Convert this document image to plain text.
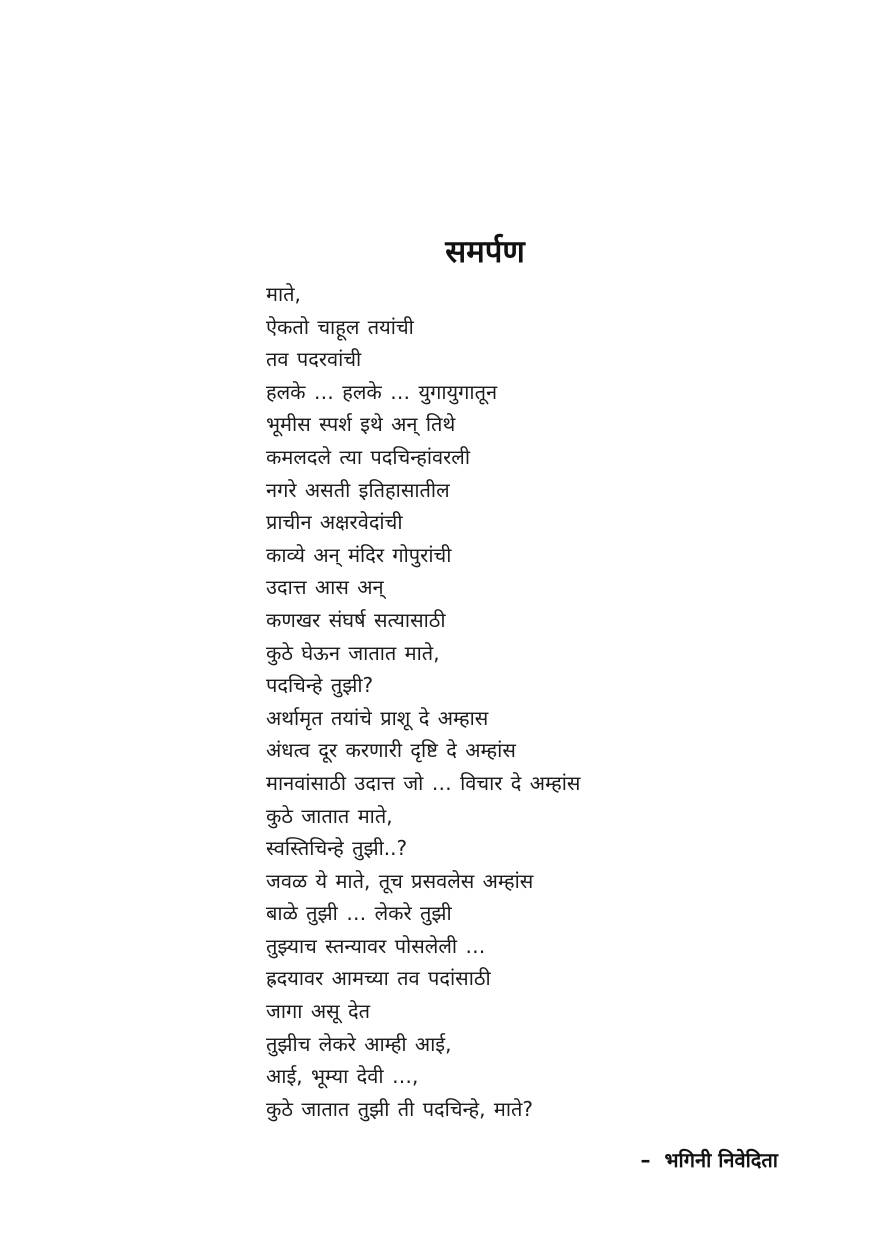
समर्पण
माते,
ऐकतो चाहूल तयांची
तव पदरवांची
हलके … हलके … युगायुगातून
भूमीस स्पर्श इथे अन् तिथे
कमलदले त्या पदचिन्हांवरली
नगरे असती इतिहासातील
प्राचीन अक्षरवेदांची
काव्ये अन् मंदिर गोपुरांची
उदात्त आस अन्
कणखर संघर्ष सत्यासाठी
कुठे घेऊन जातात माते,
पदचिन्हे तुझी?
अर्थामृत तयांचे प्राशू दे अम्हास
अंधत्व दूर करणारी दृष्टि दे अम्हांस
मानवांसाठी उदात्त जो … विचार दे अम्हांस
कुठे जातात माते,
स्वस्तिचिन्हे तुझी..?
जवळ ये माते, तूच प्रसवलेस अम्हांस
बाळे तुझी … लेकरे तुझी
तुझ्याच स्तन्यावर पोसलेली …
ह्रदयावर आमच्या तव पदांसाठी
जागा असू देत
तुझीच लेकरे आम्ही आई,
आई, भूम्या देवी …,
कुठे जातात तुझी ती पदचिन्हे, माते?
– भगिनी निवेदिता
